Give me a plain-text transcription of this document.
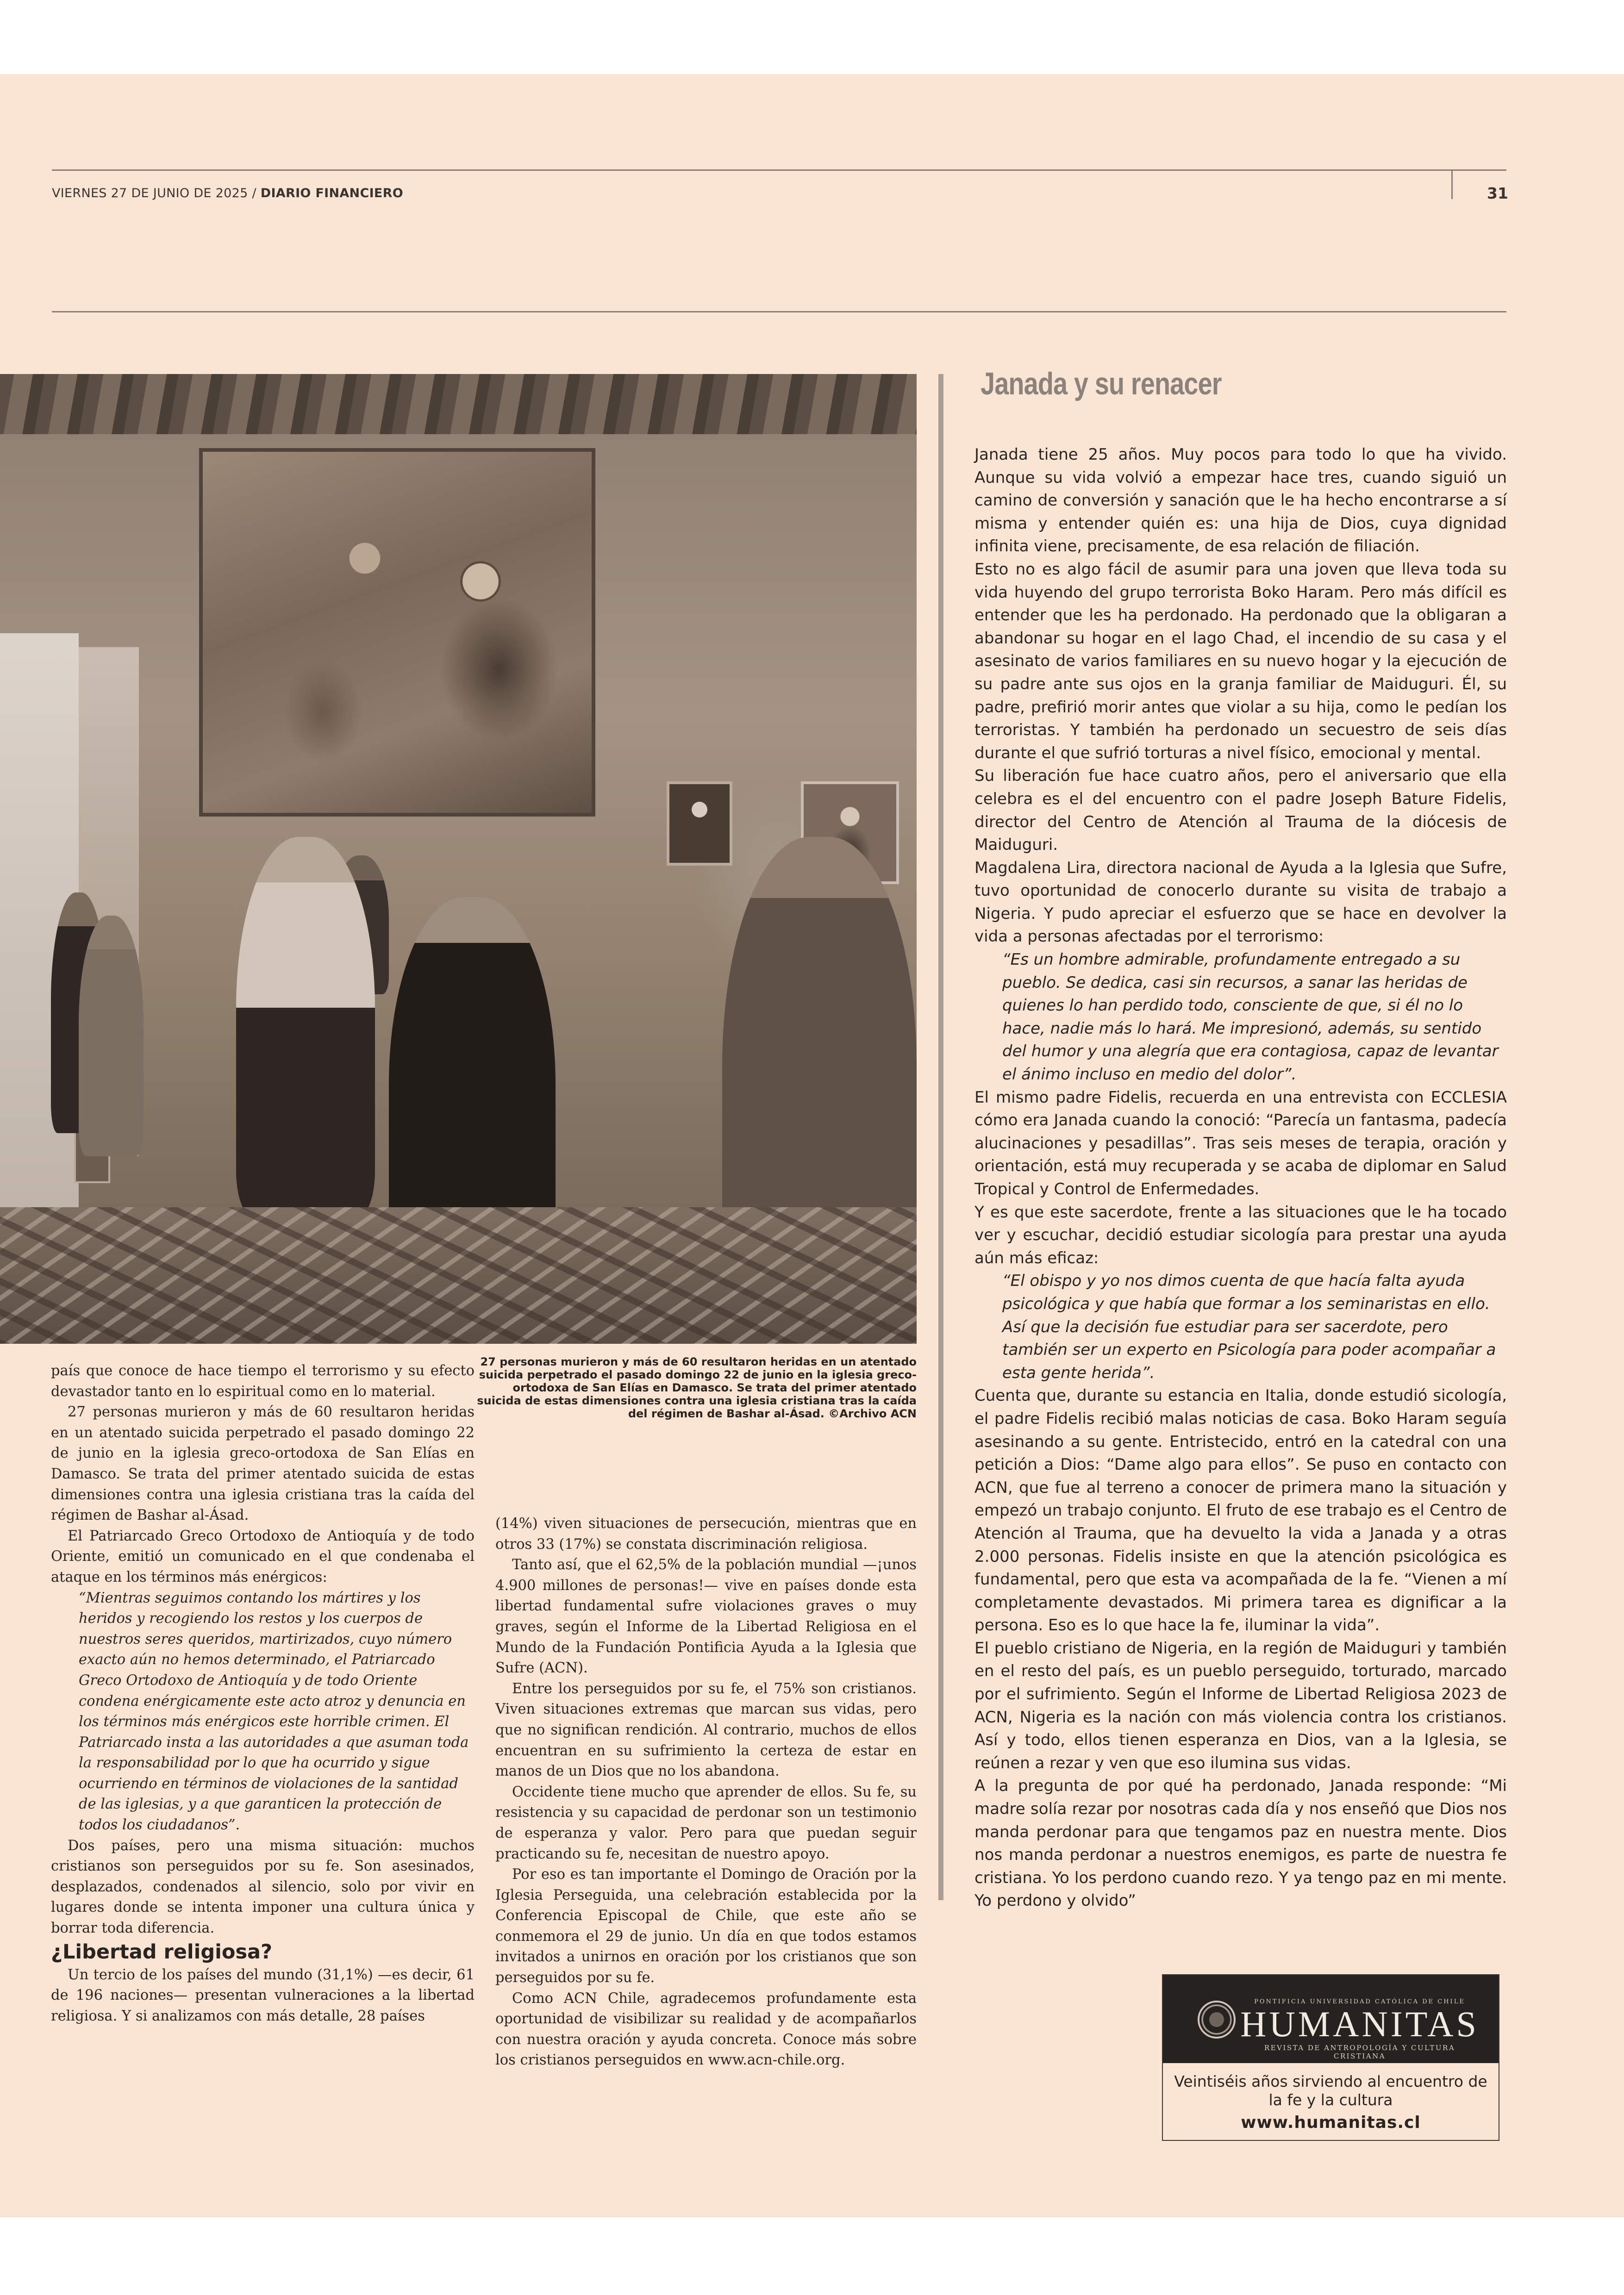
VIERNES 27 DE JUNIO DE 2025 / DIARIO FINANCIERO	31

27 personas murieron y más de 60 resultaron heridas en un atentado suicida perpetrado el pasado domingo 22 de junio en la iglesia greco-ortodoxa de San Elías en Damasco. Se trata del primer atentado suicida de estas dimensiones contra una iglesia cristiana tras la caída del régimen de Bashar al-Ásad. ©Archivo ACN

país que conoce de hace tiempo el terrorismo y su efecto devastador tanto en lo espiritual como en lo material.

27 personas murieron y más de 60 resultaron heridas en un atentado suicida perpetrado el pasado domingo 22 de junio en la iglesia greco-ortodoxa de San Elías en Damasco. Se trata del primer atentado suicida de estas dimensiones contra una iglesia cristiana tras la caída del régimen de Bashar al-Ásad.

El Patriarcado Greco Ortodoxo de Antioquía y de todo Oriente, emitió un comunicado en el que condenaba el ataque en los términos más enérgicos:

“Mientras seguimos contando los mártires y los heridos y recogiendo los restos y los cuerpos de nuestros seres queridos, martirizados, cuyo número exacto aún no hemos determinado, el Patriarcado Greco Ortodoxo de Antioquía y de todo Oriente condena enérgicamente este acto atroz y denuncia en los términos más enérgicos este horrible crimen. El Patriarcado insta a las autoridades a que asuman toda la responsabilidad por lo que ha ocurrido y sigue ocurriendo en términos de violaciones de la santidad de las iglesias, y a que garanticen la protección de todos los ciudadanos”.

Dos países, pero una misma situación: muchos cristianos son perseguidos por su fe. Son asesinados, desplazados, condenados al silencio, solo por vivir en lugares donde se intenta imponer una cultura única y borrar toda diferencia.

¿Libertad religiosa?

Un tercio de los países del mundo (31,1%) —es decir, 61 de 196 naciones— presentan vulneraciones a la libertad religiosa. Y si analizamos con más detalle, 28 países

(14%) viven situaciones de persecución, mientras que en otros 33 (17%) se constata discriminación religiosa.

Tanto así, que el 62,5% de la población mundial —¡unos 4.900 millones de personas!— vive en países donde esta libertad fundamental sufre violaciones graves o muy graves, según el Informe de la Libertad Religiosa en el Mundo de la Fundación Pontificia Ayuda a la Iglesia que Sufre (ACN).

Entre los perseguidos por su fe, el 75% son cristianos. Viven situaciones extremas que marcan sus vidas, pero que no significan rendición. Al contrario, muchos de ellos encuentran en su sufrimiento la certeza de estar en manos de un Dios que no los abandona.

Occidente tiene mucho que aprender de ellos. Su fe, su resistencia y su capacidad de perdonar son un testimonio de esperanza y valor. Pero para que puedan seguir practicando su fe, necesitan de nuestro apoyo.

Por eso es tan importante el Domingo de Oración por la Iglesia Perseguida, una celebración establecida por la Conferencia Episcopal de Chile, que este año se conmemora el 29 de junio. Un día en que todos estamos invitados a unirnos en oración por los cristianos que son perseguidos por su fe.

Como ACN Chile, agradecemos profundamente esta oportunidad de visibilizar su realidad y de acompañarlos con nuestra oración y ayuda concreta. Conoce más sobre los cristianos perseguidos en www.acn-chile.org.

Janada y su renacer

Janada tiene 25 años. Muy pocos para todo lo que ha vivido. Aunque su vida volvió a empezar hace tres, cuando siguió un camino de conversión y sanación que le ha hecho encontrarse a sí misma y entender quién es: una hija de Dios, cuya dignidad infinita viene, precisamente, de esa relación de filiación.

Esto no es algo fácil de asumir para una joven que lleva toda su vida huyendo del grupo terrorista Boko Haram. Pero más difícil es entender que les ha perdonado. Ha perdonado que la obligaran a abandonar su hogar en el lago Chad, el incendio de su casa y el asesinato de varios familiares en su nuevo hogar y la ejecución de su padre ante sus ojos en la granja familiar de Maiduguri. Él, su padre, prefirió morir antes que violar a su hija, como le pedían los terroristas. Y también ha perdonado un secuestro de seis días durante el que sufrió torturas a nivel físico, emocional y mental.

Su liberación fue hace cuatro años, pero el aniversario que ella celebra es el del encuentro con el padre Joseph Bature Fidelis, director del Centro de Atención al Trauma de la diócesis de Maiduguri.

Magdalena Lira, directora nacional de Ayuda a la Iglesia que Sufre, tuvo oportunidad de conocerlo durante su visita de trabajo a Nigeria. Y pudo apreciar el esfuerzo que se hace en devolver la vida a personas afectadas por el terrorismo:

“Es un hombre admirable, profundamente entregado a su pueblo. Se dedica, casi sin recursos, a sanar las heridas de quienes lo han perdido todo, consciente de que, si él no lo hace, nadie más lo hará. Me impresionó, además, su sentido del humor y una alegría que era contagiosa, capaz de levantar el ánimo incluso en medio del dolor”.

El mismo padre Fidelis, recuerda en una entrevista con ECCLESIA cómo era Janada cuando la conoció: “Parecía un fantasma, padecía alucinaciones y pesadillas”. Tras seis meses de terapia, oración y orientación, está muy recuperada y se acaba de diplomar en Salud Tropical y Control de Enfermedades.

Y es que este sacerdote, frente a las situaciones que le ha tocado ver y escuchar, decidió estudiar sicología para prestar una ayuda aún más eficaz:

“El obispo y yo nos dimos cuenta de que hacía falta ayuda psicológica y que había que formar a los seminaristas en ello. Así que la decisión fue estudiar para ser sacerdote, pero también ser un experto en Psicología para poder acompañar a esta gente herida”.

Cuenta que, durante su estancia en Italia, donde estudió sicología, el padre Fidelis recibió malas noticias de casa. Boko Haram seguía asesinando a su gente. Entristecido, entró en la catedral con una petición a Dios: “Dame algo para ellos”. Se puso en contacto con ACN, que fue al terreno a conocer de primera mano la situación y empezó un trabajo conjunto. El fruto de ese trabajo es el Centro de Atención al Trauma, que ha devuelto la vida a Janada y a otras 2.000 personas. Fidelis insiste en que la atención psicológica es fundamental, pero que esta va acompañada de la fe. “Vienen a mí completamente devastados. Mi primera tarea es dignificar a la persona. Eso es lo que hace la fe, iluminar la vida”.

El pueblo cristiano de Nigeria, en la región de Maiduguri y también en el resto del país, es un pueblo perseguido, torturado, marcado por el sufrimiento. Según el Informe de Libertad Religiosa 2023 de ACN, Nigeria es la nación con más violencia contra los cristianos. Así y todo, ellos tienen esperanza en Dios, van a la Iglesia, se reúnen a rezar y ven que eso ilumina sus vidas.

A la pregunta de por qué ha perdonado, Janada responde: “Mi madre solía rezar por nosotras cada día y nos enseñó que Dios nos manda perdonar para que tengamos paz en nuestra mente. Dios nos manda perdonar a nuestros enemigos, es parte de nuestra fe cristiana. Yo los perdono cuando rezo. Y ya tengo paz en mi mente. Yo perdono y olvido”

PONTIFICIA UNIVERSIDAD CATÓLICA DE CHILE
HUMANITAS
REVISTA DE ANTROPOLOGÍA Y CULTURA CRISTIANA

Veintiséis años sirviendo al encuentro de la fe y la cultura

www.humanitas.cl
